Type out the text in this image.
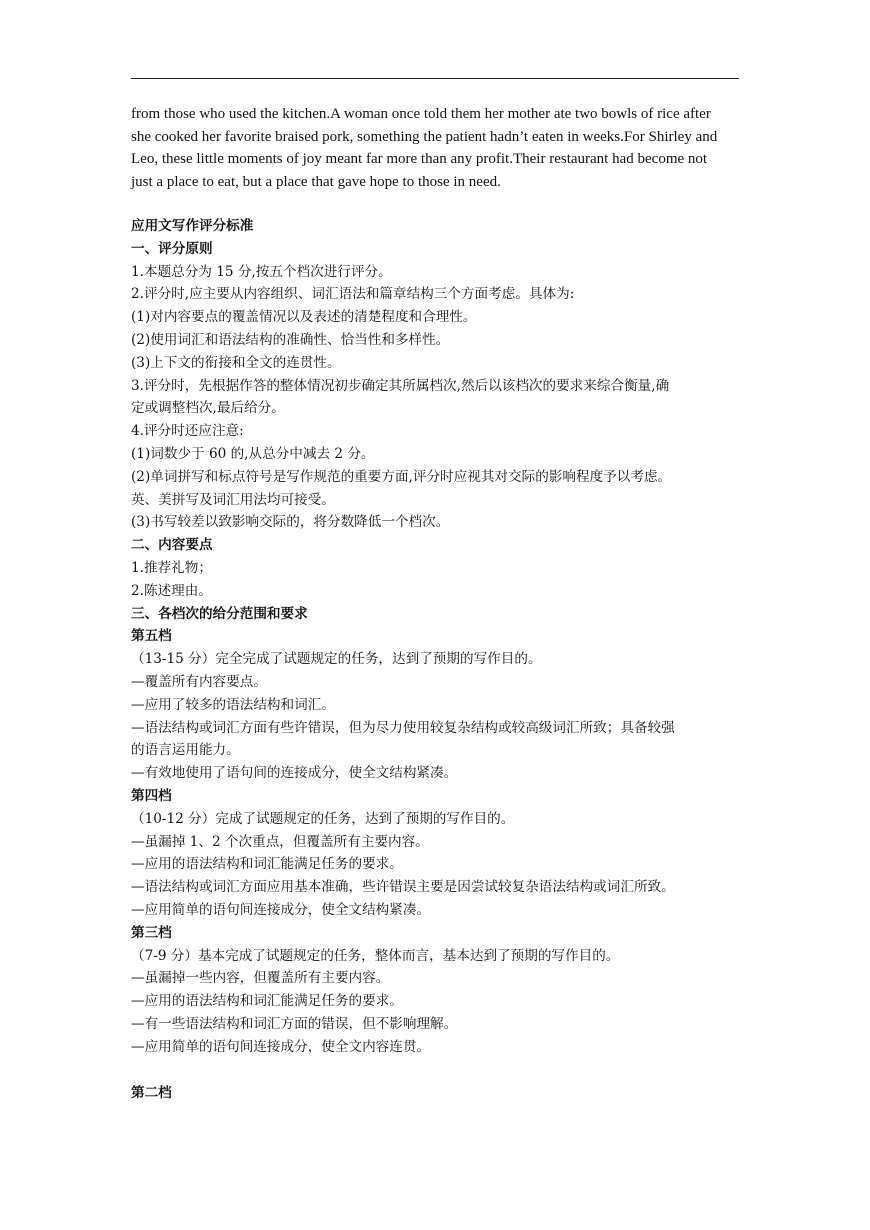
from those who used the kitchen.A woman once told them her mother ate two bowls of rice after
she cooked her favorite braised pork, something the patient hadn’t eaten in weeks.For Shirley and
Leo, these little moments of joy meant far more than any profit.Their restaurant had become not
just a place to eat, but a place that gave hope to those in need.

应用文写作评分标准
一、评分原则
1.本题总分为 15 分,按五个档次进行评分。
2.评分时,应主要从内容组织、词汇语法和篇章结构三个方面考虑。具体为:
(1)对内容要点的覆盖情况以及表述的清楚程度和合理性。
(2)使用词汇和语法结构的准确性、恰当性和多样性。
(3)上下文的衔接和全文的连贯性。
3.评分时，先根据作答的整体情况初步确定其所属档次,然后以该档次的要求来综合衡量,确
定或调整档次,最后给分。
4.评分时还应注意:
(1)词数少于 60 的,从总分中减去 2 分。
(2)单词拼写和标点符号是写作规范的重要方面,评分时应视其对交际的影响程度予以考虑。
英、美拼写及词汇用法均可接受。
(3)书写较差以致影响交际的，将分数降低一个档次。
二、内容要点
1.推荐礼物；
2.陈述理由。
三、各档次的给分范围和要求
第五档
（13-15 分）完全完成了试题规定的任务，达到了预期的写作目的。
—覆盖所有内容要点。
—应用了较多的语法结构和词汇。
—语法结构或词汇方面有些许错误，但为尽力使用较复杂结构或较高级词汇所致；具备较强
的语言运用能力。
—有效地使用了语句间的连接成分，使全文结构紧凑。
第四档
（10-12 分）完成了试题规定的任务，达到了预期的写作目的。
—虽漏掉 1、2 个次重点，但覆盖所有主要内容。
—应用的语法结构和词汇能满足任务的要求。
—语法结构或词汇方面应用基本准确，些许错误主要是因尝试较复杂语法结构或词汇所致。
—应用简单的语句间连接成分，使全文结构紧凑。
第三档
（7-9 分）基本完成了试题规定的任务，整体而言，基本达到了预期的写作目的。
—虽漏掉一些内容，但覆盖所有主要内容。
—应用的语法结构和词汇能满足任务的要求。
—有一些语法结构和词汇方面的错误，但不影响理解。
—应用简单的语句间连接成分，使全文内容连贯。
第二档
